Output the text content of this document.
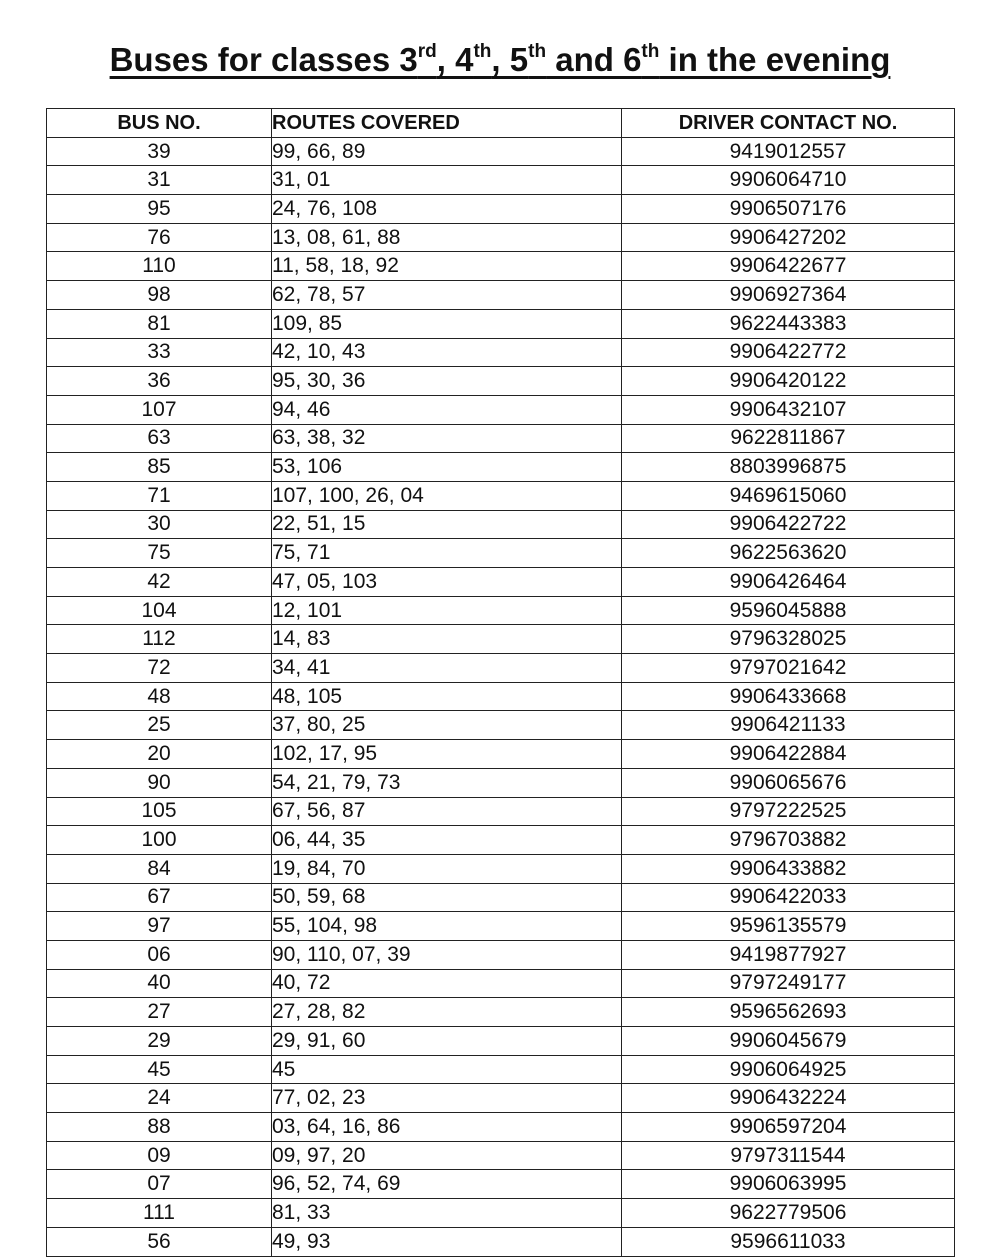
Buses for classes 3rd, 4th, 5th and 6th in the evening
BUS NO.	ROUTES COVERED	DRIVER CONTACT NO.
39	99, 66, 89	9419012557
31	31, 01	9906064710
95	24, 76, 108	9906507176
76	13, 08, 61, 88	9906427202
110	11, 58, 18, 92	9906422677
98	62, 78, 57	9906927364
81	109, 85	9622443383
33	42, 10, 43	9906422772
36	95, 30, 36	9906420122
107	94, 46	9906432107
63	63, 38, 32	9622811867
85	53, 106	8803996875
71	107, 100, 26, 04	9469615060
30	22, 51, 15	9906422722
75	75, 71	9622563620
42	47, 05, 103	9906426464
104	12, 101	9596045888
112	14, 83	9796328025
72	34, 41	9797021642
48	48, 105	9906433668
25	37, 80, 25	9906421133
20	102, 17, 95	9906422884
90	54, 21, 79, 73	9906065676
105	67, 56, 87	9797222525
100	06, 44, 35	9796703882
84	19, 84, 70	9906433882
67	50, 59, 68	9906422033
97	55, 104, 98	9596135579
06	90, 110, 07, 39	9419877927
40	40, 72	9797249177
27	27, 28, 82	9596562693
29	29, 91, 60	9906045679
45	45	9906064925
24	77, 02, 23	9906432224
88	03, 64, 16, 86	9906597204
09	09, 97, 20	9797311544
07	96, 52, 74, 69	9906063995
111	81, 33	9622779506
56	49, 93	9596611033
